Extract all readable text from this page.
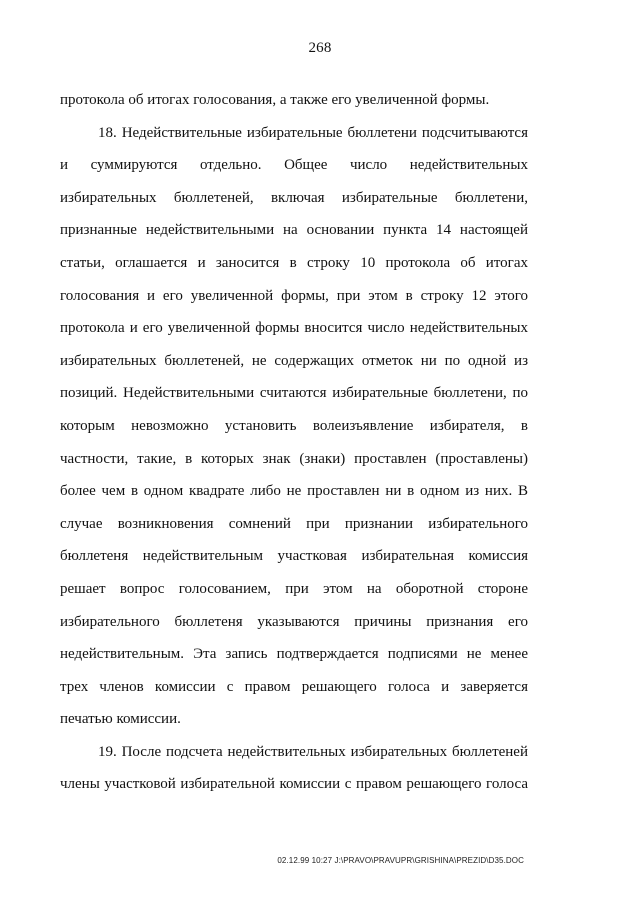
268
протокола об итогах голосования, а также его увеличенной формы.
18. Недействительные избирательные бюллетени подсчитываются
и суммируются отдельно. Общее число недействительных
избирательных бюллетеней, включая избирательные бюллетени,
признанные недействительными на основании пункта 14 настоящей
статьи, оглашается и заносится в строку 10 протокола об итогах
голосования и его увеличенной формы, при этом в строку 12 этого
протокола и его увеличенной формы вносится число недействительных
избирательных бюллетеней, не содержащих отметок ни по одной из
позиций. Недействительными считаются избирательные бюллетени, по
которым невозможно установить волеизъявление избирателя, в
частности, такие, в которых знак (знаки) проставлен (проставлены)
более чем в одном квадрате либо не проставлен ни в одном из них. В
случае возникновения сомнений при признании избирательного
бюллетеня недействительным участковая избирательная комиссия
решает вопрос голосованием, при этом на оборотной стороне
избирательного бюллетеня указываются причины признания его
недействительным. Эта запись подтверждается подписями не менее
трех членов комиссии с правом решающего голоса и заверяется
печатью комиссии.
19. После подсчета недействительных избирательных бюллетеней
члены участковой избирательной комиссии с правом решающего голоса
02.12.99 10:27 J:\PRAVO\PRAVUPR\GRISHINA\PREZID\D35.DOC
